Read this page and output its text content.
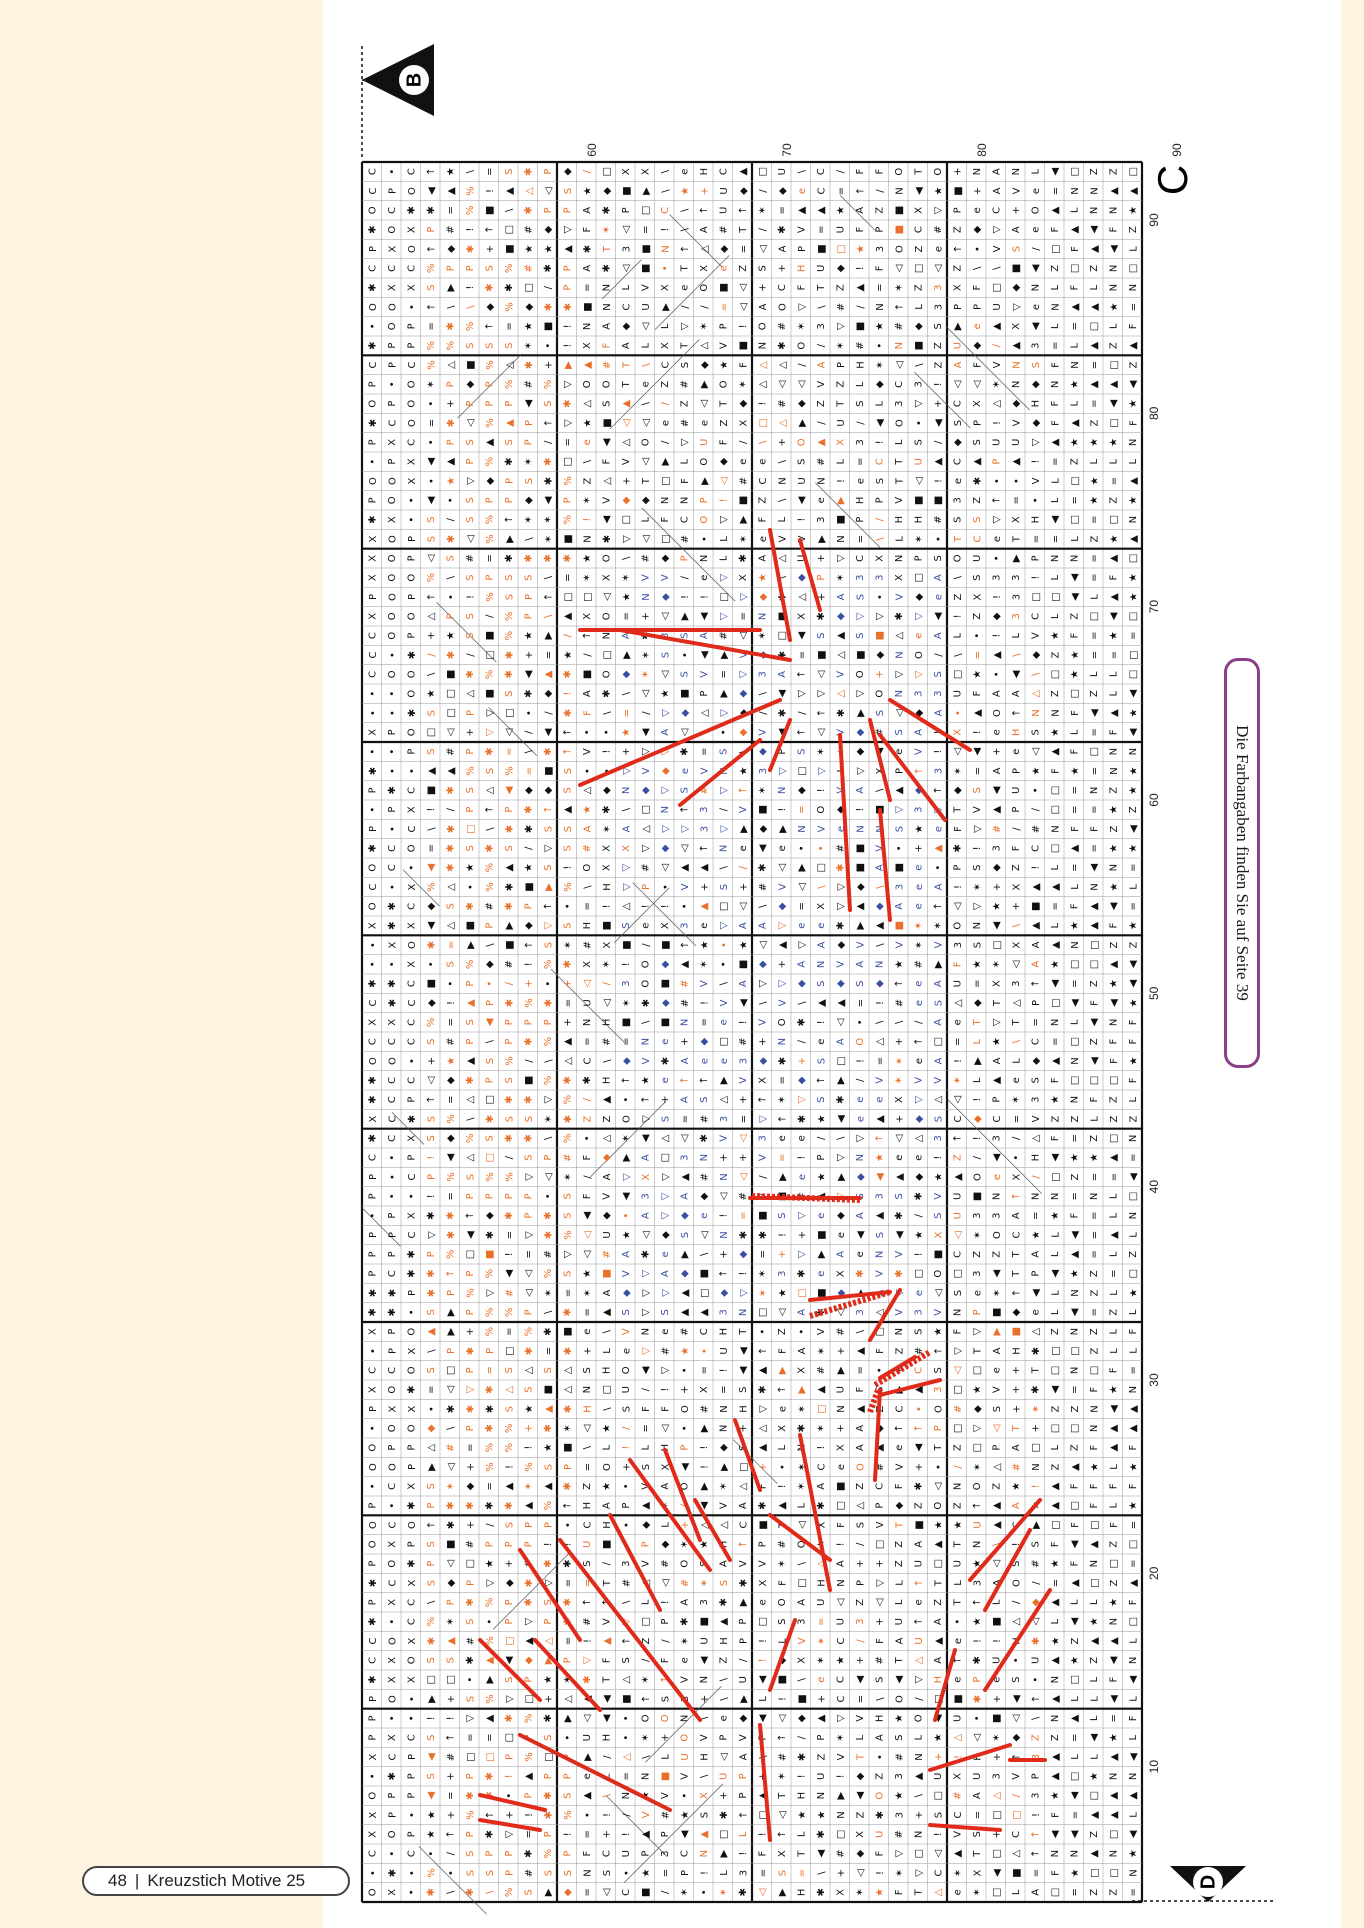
C • C ↑ ★ \ = S ✱ P ◆ / □ X X \ e H C ▲ □ U \ C / F F O T O + N A N L ◀ □ Z Z □
C P O ◀ ▲ % ! ▲ △ ◁ S ★ ◆ ■ ▶ \ ★ + U ◆ / ◆ e C = ↑ / N ◀ ★ ■ + A V e = N N ▲ ▲
O C ✱ ✱ = % ■ \ ✱ P P A ✱ P □ C \ ↑ U ↑ ✶ = ▲ ▲ ★ A Z ■ X ▽ P e C + O ▲ L N N ★
✱ O X P # ! ↑ □ # ◆ ▽ F ✶ ◁ = ! \ A # T / ✱ V = U F P ■ C # Z ◆ ▽ A e F ▲ ◀ F Z
P X O ↑ ◆ ✱ + ■ ★ ★ ▲ ✱ T 3 ■ N ↑ △ ◆ = ◁ A P ■ □ ★ 3 O Z e ↑ • V S / □ F ▲ ◀ L
C C C % P P S % # ✱ P A ✱ ◁ ■ • T X e Z S + H U ◆ ! F ◁ □ ◁ Z \ \ ■ ◀ Z □ Z N □
✱ X X S ▶ ! ✱ ✱ □ / P = N L V X e O ■ ◁ + C F T Z ▲ = ✶ Z 3 X F □ ◆ N L F L N N
O O • ↑ \ \ ◆ % ◆ ✱ ✱ ■ N C U ▶ / / = ◁ A O ▽ \ # / N ↑ L 3 P P U ▽ e N ▲ ▲ ★ =
• O P = ✱ % ↑ = ★ ■ ! N A ◆ ◁ L ▽ ✶ P ! O # ✶ 3 ▽ ■ ★ # ◆ S ▶ e ▲ X ◀ L = □ L F
✱ P P % % S S S ✶ • ! X F A L X T △ V ■ N ✱ O / ✶ # • N ■ Z U ◆ / ▲ 3 = L ▲ Z ▲
C P C % △ ■ % △ ✱ + ▶ ▲ # T \ C S ◆ ★ F △ △ / A P H ✶ ◁ \ Z A F V N S F N = □ Z
P • O ✶ P ◆ P % # % ▽ O O T e Z # ▶ O ✶ △ ◁ ◁ V Z L ◆ C 3 ! ◁ ◁ ✶ N ◆ N ★ ▲ ▲ ◀
O P O • + P P P ◀ S ✱ △ S ▲ \ / Z ◁ T ◆ ! # ◆ Z T S L 3 ▽ + C X △ ◆ H F L = ◀ ★
✱ C O = ✱ ◁ % ▲ P ↑ ▽ ★ ■ ◁ ◁ e # e Z X □ △ ▶ / U / ◀ O • ◀ S P ! V ◆ F ▲ Z □ F
P X C • P S ▲ S P / = e ◀ △ O / ▽ U F / \ + O ▲ X 3 ! L S / ◆ S U U ▽ ▲ ★ ★ ★ N
• P X ◀ ▲ P % ✱ ✶ ✱ □ \ F V ◁ ▶ L O ◆ e e \ S # L = C T U ▲ C ▲ P ▲ ! = Z L L L
O O X • ★ ▽ ◆ P S ✱ % Z △ + T □ F ▶ ◁ # C N U N ! e S T ◁ ! e ✱ • • V L □ ★ = ▲
P O • ◀ • S P P ◆ ◀ P ✶ V ◆ ◆ N N P ! ■ Z \ ◀ e ▶ H P V ■ ■ 3 Z ↑ = • L = ★ Z ★
✱ X • S / S % ↑ ✶ ✶ % ! ◀ □ L F C O ▽ ▶ F L ! 3 ■ P / H H # S S ▽ X H ◀ □ = □ N
X O P S ✱ ◁ % ▶ \ ✶ ■ N ✱ ▽ ◁ □ # • L ✶ e V V ▶ N = \ L ✶ • T C e T = = L Z ★ ▲
X O P ◁ S # = ✱ ✱ ✱ ✱ ★ O \ # ◆ P N L ✱ A △ U + ▽ C X N P S O U • ▶ P N N = ▲ □
X O O % \ S P S S \ = ✶ X ✶ V V / e ▽ X ★ \ ◆ P ✶ 3 3 X □ A \ S 3 3 ! L ◀ = F ★
P O P ↑ • ! % S P ↑ □ □ ◁ ★ N ◆ ! ! □ ▽ ◆	△ + A S • V ◆ e Z X ! 3 □ □ ◀ L ▲ ★
X O O △ P S / % P \ ▲ X O = + ◁ ▶ ◀ ▽ = N ■ X ✱ ◆ ▽ ▽ ✱ ▽ ◀ ! Z ◆ 3 C L Z □ ◀ □
C O P + ★ S ■ % ★ ▶ / ↑ N A	3 S A # ◁ ✶ □ ◀ S ▲ S ■ △ e A L • ! L V ★ F = ★ =
C • ✱ / ✱ / □ ✱ + = ★ / □ ▶ ✶ S • ◀ ▶ V	✱ = ■ △ ■ ◆ N O / \ = ▲ \ ◆ Z ★ = = □
C O O \ ■ ✱ % ✱ ◀ ▲ ✱ ■ O ◆ ✶ ◁ S V = ▽ 3 A ↑ ◁ V O + ▽ ▽ S □ ★ • ◀ \ □ ★ L L □
• • O ★ □ △ ■ S ✱ ◆ ! A ✱ \ ◁ ★ ■ P ▶ ◆ \ ◀ ▽ ▽ △ ▽ O N 3 3 U F A A △ Z □ Z L ◀
• • ✱ S □ P ▽ □ • / ✱ F \ = / ▽ ◆ △ ▽ ◆ / ✱ / ↑ ✱ ▶ S ◁ ◆ A • ▲ O ↑ N N F ◀ ▲ ★
X P O □ ◁ + ▽ ◁ / ◀ ↑ • • ★ ◀ A ◁	• ◆ V ◀ ↑ ◁ V ◆ # S A	X ! e H S ★ L = F ◀
• • P S # P ✱ = \ ✱ ↑ V ! + ▽ ▽ ✱ = S	◆ P S ✶	◆ ◀ e V ! ◁ ◀ + e ◁ ▲ F □ N N
✱ • • ▲ ▲ % S % = ■ S • • ▽ V ◆ e V	★ 3 ▽ □ ▽	▽ X P ↑ 3 ✶ = A P ★ F ★ = N ★
P ✱ C ■ ✱ S △ ◀ ◆ ◆ S △ ◆ N ◆ ▽ S # ▽ ↑ ✶ N ◆ !	A \ ▲ ◆ ↑ ◆ S ◀ U • □ = N Z ★
• P X ! / P ↑ P ✱ ↑ ▲ ★ ✱ \ □ N ↑ 3 / V ■ ! = O ◆ !	▽ 3	T V ▲ P / □ = = ★ Z
P • C \ ✱ □ \ ✱ ✱ S S A ✶ A △ ▽ ▽ 3 ▽ ▶ ◆ ▶ N V e N	S ★ e F ▽ # / # N F F Z ◀
✱ C O = ✱ S ✱ S / ▽ S # X X ▽ ◆ ◁ ↑ N e ◀ e • • # ■ V • + ▲ ✱ ! 3 F C □ ▲ = ★ ★
O C • ◀ ✱ ★ % ▲ ★ S ! O X ▽ # ◁ ▲ ▲ \ / ✱ ◁ ▶ □ ✱ ■ A ■ e • P S ◆ Z ! L = ◀ N =
C • X % △ • % ✱ ■ ▶ % \ H ▽ P • V + S + # V ◁ \ ▽ ◆ \ 3 e A ! ✶ + X ▲ ▲ L N ★ L
O ✱ C ◆ S ✱ # ✱ P ↑ • = ! △ ! ! • ▲ □ ◁ \ ◆ = X ▽ ▲ ◆ A e ↑ ◁ ▽ ★ + ■ = F ▲ ◀ =
X ✱ X ◀ △ ■ P ▶ ◆ ▽ S H ■ S e X 3 e ▽ A A ▽ e e ✱ ▶ ▲ ■ ✶ ✶ O N ◀ \ ▲ L ★ ▲ F ★
• X O ✱ = ▶ \ ■ ↑ S ✶ # X ■ / ■ ↑ ★ • ★ ◁ ▲ ▽ A ◆ V \ V ✶ V 3 S □ X A ▲ N □ Z Z
• • X • S % ◆ # ! % ✱ X ✶ ! O ◆ ▲ ✶ • ■ ◆ + A N V A N ★ # ▶ F ★ ✶ ◁ A ★ □ □ ▲ ◀
✱ ✱ C ■ • P • / + • + ◁ / 3 O ■ # V \ A ▽ ▽ ◆ S ◆ S ◆ ↑ e A U = X 3 ↑ ◀ = Z ★ ◀
C ✱ C ◆ ! ▲ P ✱ % ✱ = U ◁ ✶ ✱ ◆ # ! V ◀ \ V \ ▲ ▲ = ! # e S △ ◆ T △ P □ ◀ F ◀ ★
X X C % = S ◀ P P P + N H ■ \ ■ N = e ! V O ✱ ! ◁ • \ \ / A e T ▽ T = N L ◀ N F
C C C S # P \ P ✱ % ▲ = # = N e + ◆ □ # + N / e A O △ + ↑ □ = L ★ \ C = □ Z F F
O O • + ★ ▲ S % / \ △ C \ ◆ V ✱ A e e 3 ◆ ✱ + S □ ! = ✶ e A ! ▶ A L ◆ ▲ N ◀ F ★
✱ C C ◁ ◆ ✱ P S ■ % ✱ ✱ H ↑ ★ e ↑ ↑ ▶ V X = ◆ ↑ ▶ / V ✶ V V ✶ L ▲ e S F □ □ □ F
✱ C P ↑ = △ □ ✱ ✱ ▽ % / ▲ • ↑ + A S △ + ↑ ✶ ▽ S ✱ e e X ▽ △ ◁ ! P ✶ 3 ★ N F Z L
X C ✱ S % \ ✱ S S ✶ ✱ Z Z O ▽ S = # 3 = ▽ ↑ ✱ ★ ◀ e ▲ + ◆ S C ◆ C = V Z Z L Z Z
✱ C X S ◆ % S ✱ ✱ \ % • △ ✶ ◀ △ ◁ ✱ V ◁ 3 e e / \ ▽ ↑ ◁ △ 3 ↑ ! 3 / △ F = Z □ N
C • P ! ◀ △ □ / S P # F ◆ ▶ A □ 3 N + + V = ! P ▽ N ★ e e ! Z / ◀ • H ◀ ★ ★ ▲ =
P • C P % S % % ▽ ◁ ✶ / A ▽ X ▽ ▲ # N ◁ / ▶ e ★ ▶ ◆ ◀ ▲ ◆ ★ ▲ O e X / □ Z = = ◀
P • • ! = P P P P • S F V ◀ 3 ▽ A ◆ ◁ #	3 S ✱ V U ■ N ↑ N N = N L □
• P X ✱ ✱ ↑ ◆ ✱ P ✱ S ◀ ◆ • A ▽ ◆ e ! = ■ S ▽ e ◆ A ▲ ✱ / S U 3 3 A = ★ F = L N
P P C ▽ ✱ ◀ ✱ = ▽ ✱ % ◁ U ★ ◁ ◆ S ◁ N ✱ ✱ ! + ■ e ◀ S ◀ ★ X ◁ ✶ O C ★ L ◀ = ▲ L
P P ✱ P % □ ■ ! = # ▽ ◁ # A ✱ e ▶ \ + ◆ = + ▽ ▶ A e N V ! ■ C Z Z T A L ▲ = L Z
P C ✱ ✱ ↑ P % ◀ ◁ % S ★ ■ V ▽ A ◆ ■ ↑ ! ✶ 3 ✱ e X ✱ V ✱ □ O □ 3 ◀ T P ◀ ★ Z = □
✱ ✱ P ✱ P % ▽ # ◁ ✶ = ✶ A ◆ ▽ ▽ ▲ □ ◆ ▽ ✶ ★ □ ■ ◆	e ◁ S e ✶ ↑ ◀ L N Z L ★
✱ ✱ • S ▶ P % % P \ ✱ = ▲ S ▽ S ▲ ▲ 3 N □ ◁ A	◁ 3 △ V 3 V N P ■ ◆ e L ◀ = Z L
X P O ▲ ▶ + % = % ✱ ■ e \ V N e # C H T • Z • V # \ □ N S ★ F ▽ ▶ ■ △ Z N Z L F
• P X \ P ✱ P □ ✱ = ✱ + L e ▽ # ★ • U ◀ ↑ F A ✶ + ▲ F Z # ↑ ▽ T A H ✱ □ □ Z L L
C C O S □ P = S △ S △ S H O ◀ ▽ • = ! ◀ ▲ ▶ X # ▶ = • ✶ C S ◁ □ e + T □ N □ F =
X O ✱ = ◁ ▽ ✱ △ S ■ △ N □ U / ! + X = S ✱ ↑ ▶ ▲ U F	▲ 3 □ ★ V + ✱ ◀ = F ★ N
P X X • ✱ ✱ ✱ S ★ ▲ ✱ H \ S F F O # N H ▽ e ✶ □ N ▲	C • O # ◆ S + ✶ Z Z N ◀ ▲
• O O ◆ \ P ✱ % + ✱ ✶ ◁ ★ / = ◁ • ▶ N + △ X ✱ ✶ + A ◆ ↑ ↑ P □ ▽ ◁ T + □ □ N ▲ ▲
O P P △ # = % % ! ★ ■ \ L ! L H P ! ◆	▲ L	! X A ▲ e ◀ T Z □ P A □ L Z F ▲ F
O O P ▶ ◁ + % ! % S P = O + S X ◀ ! ▶ □ + • ✶ C e O # V + • / ✶ △ # N Z ▲ ★ L ★
• C X S ✶ ◆ = ▲ ✶ ▲ ✱ Z ★ • V A O ▶ ✶ △ F ! ✶ A ■ Z C F ✱ ◁ N O Z ★ ! ▲ F F F F
P • ✱ P ✱ ✱ ✱ ✱ ▲ % ↑ H A P ▲ ✶	◀ V A ✱ ▲ L ✱ □ △ P ◆ Z O Z ↑ ▲ A	▲ □ F L ★
O C O ↑ ✱ + / S P P • C H • ◆ L + △ △ C ■	◁ X F S V T ■ ★ ★ U ▲	▶ □ F □ F =
O X P S ■ # P P P ! ! U ■	P ◆ ✶ ★ H ↑ P # O	! / □ Z A ▲ T N \ ! S F ◀ ▲ Z □
P O ✱ P ◁ □ ★ +	✱ ✱ S / 3 V # O	A V V ✶ \ △ A + + Z U □ U ★ ◁ S # ★ F N □ =
✱ C X S ◆ P ▽ ◆ ✱ ▽ = = T #	◁ # ✶ S ✱ X F □ H N P ▽ L ↑ T L 3 A O / = ▲ □ Z ▲
P X C \ P ✱ % P ✱ S ✱ ↑	\ L ! A 3 ✱ ▶ e O A U ◁ Z ◁ L e Z T ↑ L / ◆ ▲ L L ★ F
✱ • C % ✶ S • P ▽ P	# V ▽ □ P ✱ ■ ▲ P □ S 3 = U 3 + U ↑ A • ★ ■ △ ◁ L ◀ ★ N □
C O X ✱ ▲ # % □ ▲ △ = ! ▲ ↑ Z / ✶ U H P ! L V ✶ C / F A U ▲ e ! !	✱ ★ Z ▲ ▲ L
C X O S S ✱ ▲ ◀ ◆ ▶ P ▽ F S / F e ◀ Z / ! ◆ X ✶ ★ + # T △ A ↑ ✱ U • U ▲ ★ Z ◀ N
✱ X X □ □ • ▶ S P ★ ✶ ✱ T △ ✶ ↑ V N \ U ◀ ■ \ e C ◀ S ◀ ▽ H e P e S • N □ L F ◀
P O • ▶ + S % ▽ □ + △	◀ ■ ↑ S	+ \ ▶ L ! ■ + C = \ O / □ ■ ✱ + ◀ ↑ ▲ L L ◀ L
P • • ! ! ▽ ▲ ✱ % ✱ ▶ ◁ ◀ • O O N \ e ◆ ◀ ◁ ◆ ▲ ▽ V H ★ O ◀ U • ■ ◁ \ N ▲ L = F
P X C S ↑ = = □	S • U H • ✶ + O V P V P ↑ / P ✶ L A S L ★ △ ◁ ✶ ◆ Z Z = ◀ ★ L
X C P ◀ # □ □ P % □	▶ / △ \ L U H ◁ A	# ✱ Z V T • # N + !	+ ↑ 3 ▲ L L ▲ ◀
• ✱ P S + P ✱ ! ▲ P P e L = N ■ V \ U P	✶ ! U ! ◆ Z 3 ▲ U X U 3 V P ▲ □ ★ N N
O P P ◀ = ✱	• P ✱ S ▲ \ N ★ V • X + P ▲ T H N ▶ ◀ O ★ \ □ # A △ / 3 ★ ◀ □ ▲ ▲
X P • ★ + % ↑ + ! ✱ % • ! / V # ★ S ✱ ↑ □ ◁ ★ ★ N Z ✱ 3 + S C = □ □ ! F = ▲ ▲ L
X O P ★ ↑ P ✱ ▽ = P ! = + ! ▲ P ◀ ▲ □ L ! ↑ L ✱ □ X U # N ! V S + C ↑ ◀ ◀ Z □ ◀
C • C • / S P P ✱ % P F C U P 3 C N ▶ ! F X T ◀ # ◆ F ▽ □ ◁ ▲ T □ △ ↑ N N ▲ N ★
• ✱ • % • S S P # S S N S • ★ = P ! L 3 = S = \ + ◁ ! ✶ ▽ C ✶ X ◀ ■ = F ★ □ □ N
O X • ✱ \ ✱ \ % S ▶ ◆ = ◁ C ■ / ✶ • ✶ ✱ ◁ ▶ H ✱ X ✶ ★ F T △ e ✶ □ L A □ = Z Z =
B
C
D
60	70	80	90
90
80
70
60
50
40
30
20
10
Die Farbangaben finden Sie auf Seite 39
48 | Kreuzstich Motive 25
